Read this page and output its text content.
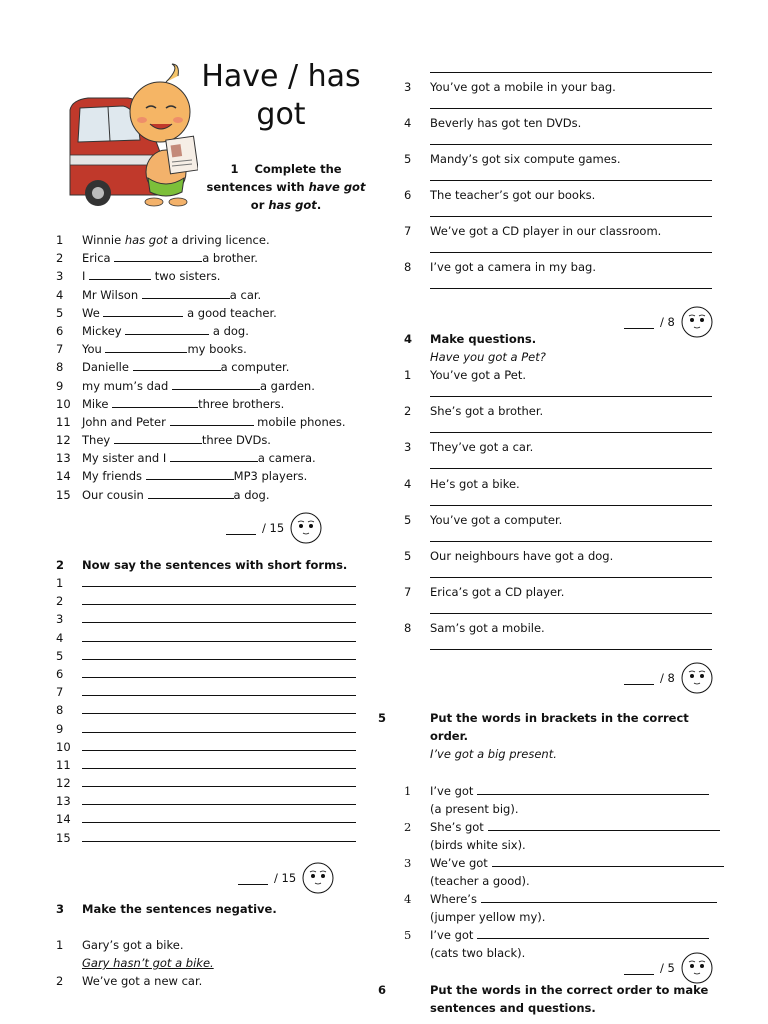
Have / has
got
1 Complete the sentences with have got or has got.
1 Winnie has got a driving licence.
2 Erica	a brother.
3 I	two sisters.
4 Mr Wilson	a car.
5 We	a good teacher.
6 Mickey	a dog.
7 You	my books.
8 Danielle	a computer.
9 my mum’s dad	a garden.
10 Mike	three brothers.
11 John and Peter	mobile phones.
12 They	three DVDs.
13 My sister and I	a camera.
14 My friends	MP3 players.
15 Our cousin	a dog.
/ 15
2 Now say the sentences with short forms.
1
2
3
4
5
6
7
8
9
10
11
12
13
14
15
/ 15
3 Make the sentences negative.
1 Gary’s got a bike.
Gary hasn’t got a bike.
2 We’ve got a new car.
3 You’ve got a mobile in your bag.
4 Beverly has got ten DVDs.
5 Mandy’s got six compute games.
6 The teacher’s got our books.
7 We’ve got a CD player in our classroom.
8 I’ve got a camera in my bag.
/ 8
4 Make questions.
Have you got a Pet?
1 You’ve got a Pet.
2 She’s got a brother.
3 They’ve got a car.
4 He’s got a bike.
5 You’ve got a computer.
5 Our neighbours have got a dog.
7 Erica’s got a CD player.
8 Sam’s got a mobile.
/ 8
5	Put the words in brackets in the correct order.
I’ve got a big present.
1 I’ve got
(a present big).
2 She’s got
(birds white six).
3 We’ve got
(teacher a good).
4 Where’s
(jumper yellow my).
5 I’ve got
(cats two black).
/ 5
6	Put the words in the correct order to make sentences and questions.
